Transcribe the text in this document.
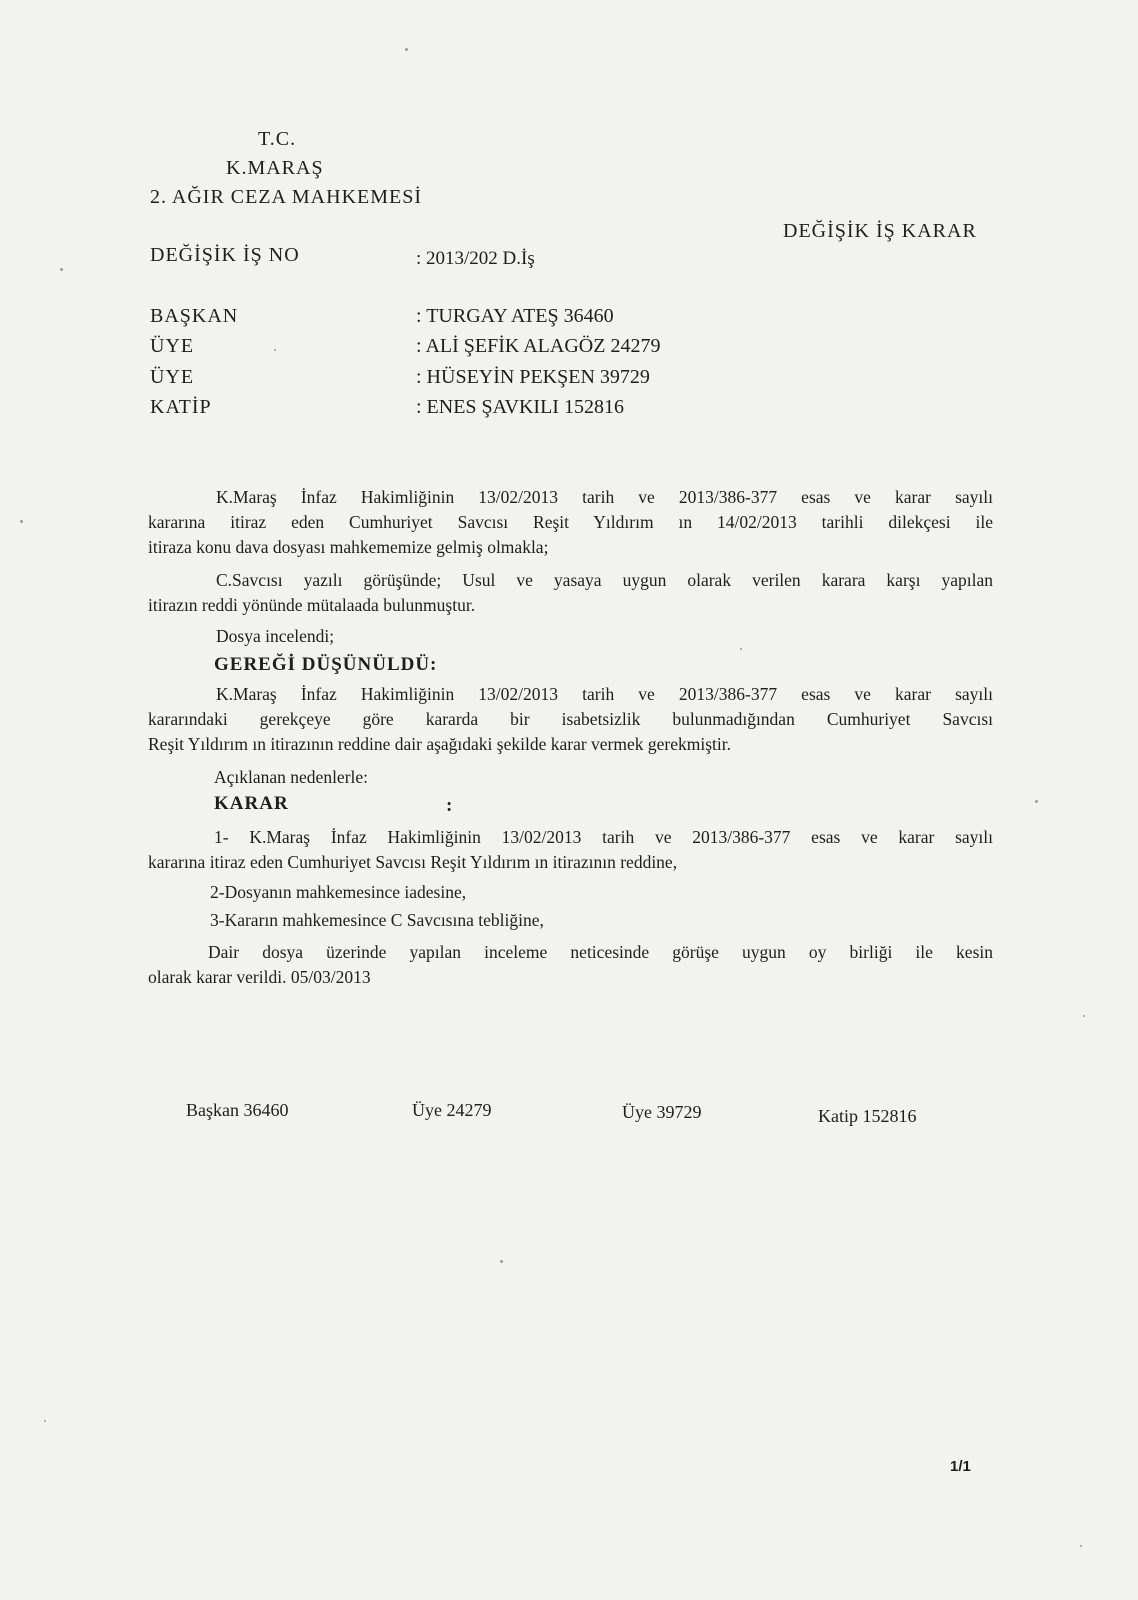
T.C.
K.MARAŞ
2. AĞIR CEZA MAHKEMESİ
DEĞİŞİK İŞ KARAR
DEĞİŞİK İŞ NO	: 2013/202 D.İş
BAŞKAN	: TURGAY ATEŞ 36460
ÜYE	: ALİ ŞEFİK ALAGÖZ 24279
ÜYE	: HÜSEYİN PEKŞEN 39729
KATİP	: ENES ŞAVKILI 152816
K.Maraş İnfaz Hakimliğinin 13/02/2013 tarih ve 2013/386-377 esas ve karar sayılı
kararına itiraz eden Cumhuriyet Savcısı Reşit Yıldırım ın 14/02/2013 tarihli dilekçesi ile
itiraza konu dava dosyası mahkememize gelmiş olmakla;
C.Savcısı yazılı görüşünde; Usul ve yasaya uygun olarak verilen karara karşı yapılan
itirazın reddi yönünde mütalaada bulunmuştur.
Dosya incelendi;
GEREĞİ DÜŞÜNÜLDÜ:
K.Maraş İnfaz Hakimliğinin 13/02/2013 tarih ve 2013/386-377 esas ve karar sayılı
kararındaki gerekçeye göre kararda bir isabetsizlik bulunmadığından Cumhuriyet Savcısı
Reşit Yıldırım ın itirazının reddine dair aşağıdaki şekilde karar vermek gerekmiştir.
Açıklanan nedenlerle:
KARAR	:
1- K.Maraş İnfaz Hakimliğinin 13/02/2013 tarih ve 2013/386-377 esas ve karar sayılı
kararına itiraz eden Cumhuriyet Savcısı Reşit Yıldırım ın itirazının reddine,
2-Dosyanın mahkemesince iadesine,
3-Kararın mahkemesince C Savcısına tebliğine,
Dair dosya üzerinde yapılan inceleme neticesinde görüşe uygun oy birliği ile kesin
olarak karar verildi. 05/03/2013
Başkan 36460	Üye 24279	Üye 39729	Katip 152816
1/1
